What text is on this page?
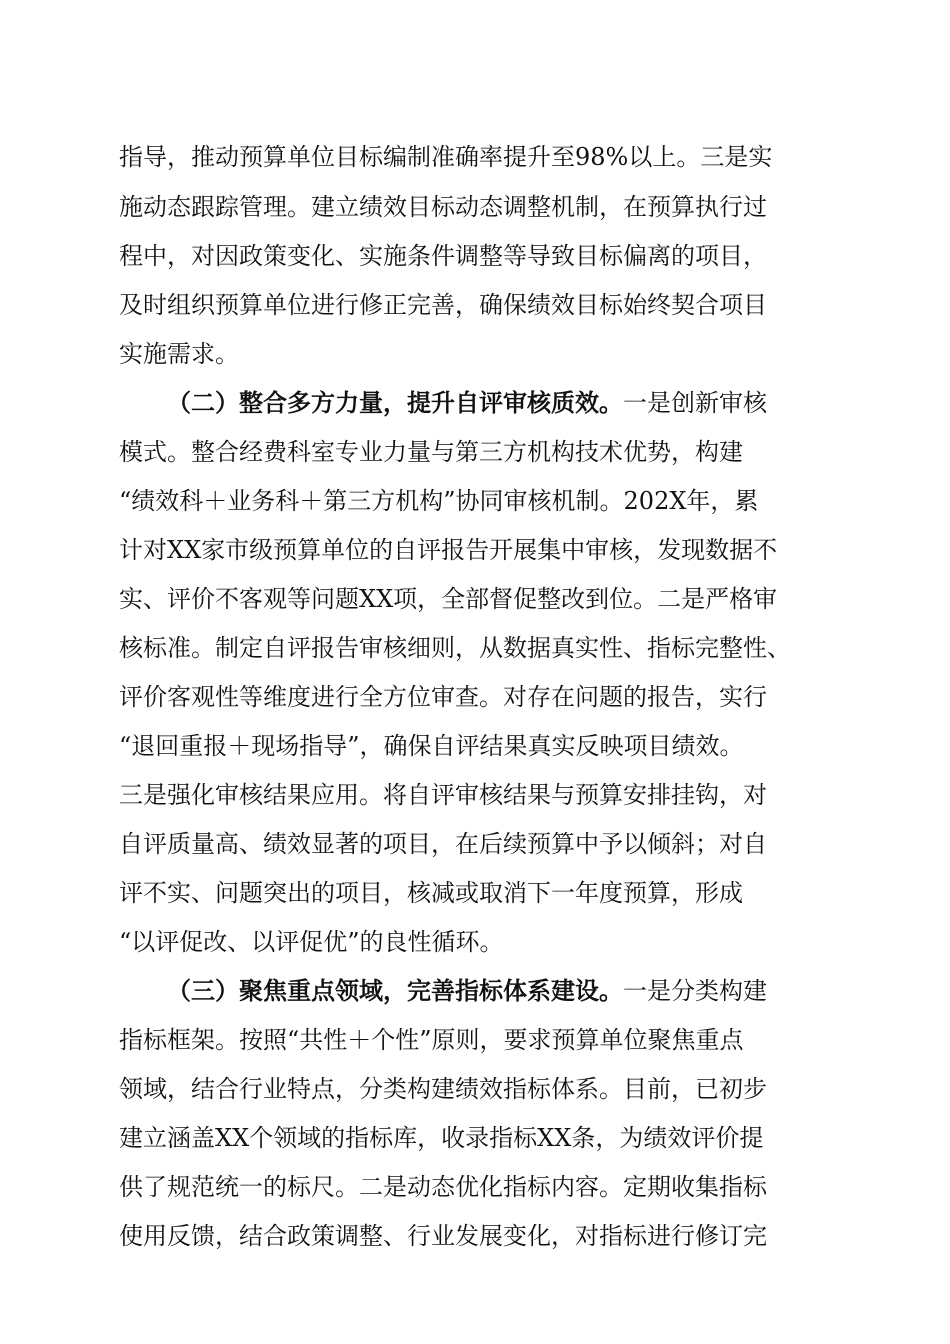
指导，推动预算单位目标编制准确率提升至98%以上。三是实
施动态跟踪管理。建立绩效目标动态调整机制，在预算执行过
程中，对因政策变化、实施条件调整等导致目标偏离的项目，
及时组织预算单位进行修正完善，确保绩效目标始终契合项目
实施需求。
（二）整合多方力量，提升自评审核质效。一是创新审核
模式。整合经费科室专业力量与第三方机构技术优势，构建
“绩效科＋业务科＋第三方机构”协同审核机制。202X年，累
计对XX家市级预算单位的自评报告开展集中审核，发现数据不
实、评价不客观等问题XX项，全部督促整改到位。二是严格审
核标准。制定自评报告审核细则，从数据真实性、指标完整性、
评价客观性等维度进行全方位审查。对存在问题的报告，实行
“退回重报＋现场指导”，确保自评结果真实反映项目绩效。
三是强化审核结果应用。将自评审核结果与预算安排挂钩，对
自评质量高、绩效显著的项目，在后续预算中予以倾斜；对自
评不实、问题突出的项目，核减或取消下一年度预算，形成
“以评促改、以评促优”的良性循环。
（三）聚焦重点领域，完善指标体系建设。一是分类构建
指标框架。按照“共性＋个性”原则，要求预算单位聚焦重点
领域，结合行业特点，分类构建绩效指标体系。目前，已初步
建立涵盖XX个领域的指标库，收录指标XX条，为绩效评价提
供了规范统一的标尺。二是动态优化指标内容。定期收集指标
使用反馈，结合政策调整、行业发展变化，对指标进行修订完
